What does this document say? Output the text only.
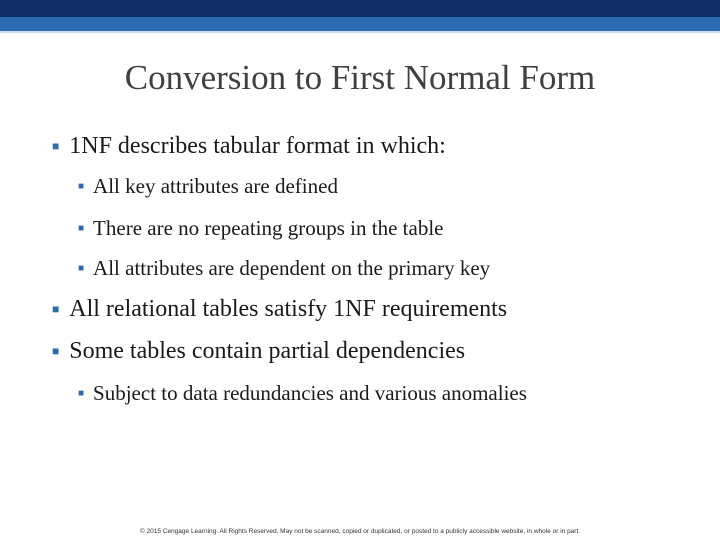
Conversion to First Normal Form
■ 1NF describes tabular format in which:
■ All key attributes are defined
■ There are no repeating groups in the table
■ All attributes are dependent on the primary key
■ All relational tables satisfy 1NF requirements
■ Some tables contain partial dependencies
■ Subject to data redundancies and various anomalies
© 2015 Cengage Learning. All Rights Reserved. May not be scanned, copied or duplicated, or posted to a publicly accessible website, in whole or in part.
